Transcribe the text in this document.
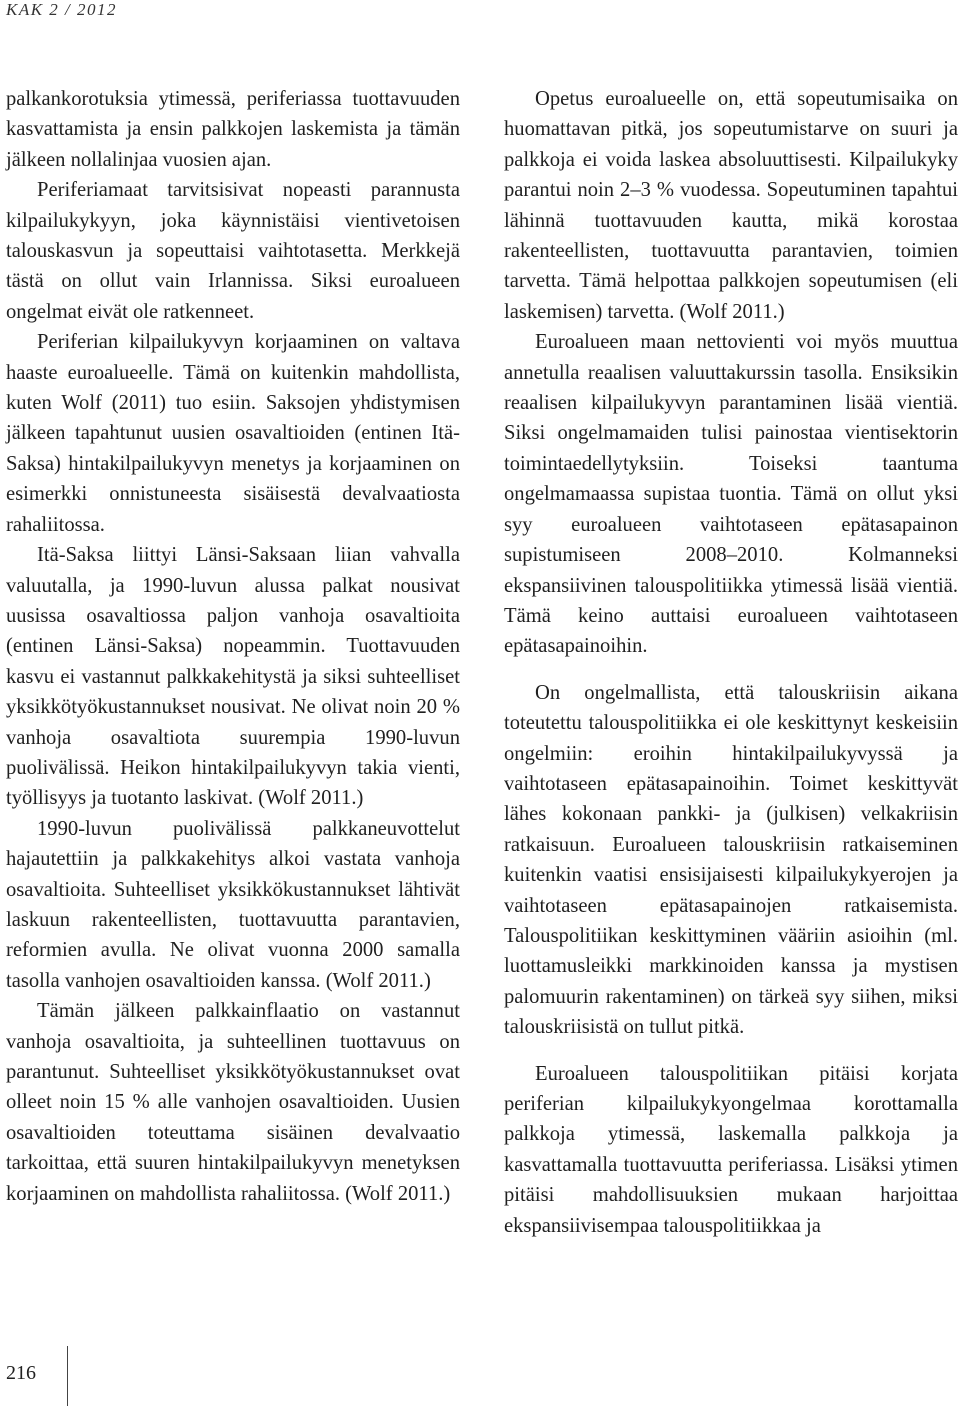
KAK 2 / 2012

palkankorotuksia ytimessä, periferiassa tuottavuuden kasvattamista ja ensin palkkojen laskemista ja tämän jälkeen nollalinjaa vuosien ajan.

Periferiamaat tarvitsisivat nopeasti parannusta kilpailukykyyn, joka käynnistäisi vientivetoisen talouskasvun ja sopeuttaisi vaihtotasetta. Merkkejä tästä on ollut vain Irlannissa. Siksi euroalueen ongelmat eivät ole ratkenneet.

Periferian kilpailukyvyn korjaaminen on valtava haaste euroalueelle. Tämä on kuitenkin mahdollista, kuten Wolf (2011) tuo esiin. Saksojen yhdistymisen jälkeen tapahtunut uusien osavaltioiden (entinen Itä-Saksa) hintakilpailukyvyn menetys ja korjaaminen on esimerkki onnistuneesta sisäisestä devalvaatiosta rahaliitossa.

Itä-Saksa liittyi Länsi-Saksaan liian vahvalla valuutalla, ja 1990-luvun alussa palkat nousivat uusissa osavaltiossa paljon vanhoja osavaltioita (entinen Länsi-Saksa) nopeammin. Tuottavuuden kasvu ei vastannut palkkakehitystä ja siksi suhteelliset yksikkötyökustannukset nousivat. Ne olivat noin 20 % vanhoja osavaltiota suurempia 1990-luvun puolivälissä. Heikon hintakilpailukyvyn takia vienti, työllisyys ja tuotanto laskivat. (Wolf 2011.)

1990-luvun puolivälissä palkkaneuvottelut hajautettiin ja palkkakehitys alkoi vastata vanhoja osavaltioita. Suhteelliset yksikkökustannukset lähtivät laskuun rakenteellisten, tuottavuutta parantavien, reformien avulla. Ne olivat vuonna 2000 samalla tasolla vanhojen osavaltioiden kanssa. (Wolf 2011.)

Tämän jälkeen palkkainflaatio on vastannut vanhoja osavaltioita, ja suhteellinen tuottavuus on parantunut. Suhteelliset yksikkötyökustannukset ovat olleet noin 15 % alle vanhojen osavaltioiden. Uusien osavaltioiden toteuttama sisäinen devalvaatio tarkoittaa, että suuren hintakilpailukyvyn menetyksen korjaaminen on mahdollista rahaliitossa. (Wolf 2011.)

Opetus euroalueelle on, että sopeutumisaika on huomattavan pitkä, jos sopeutumistarve on suuri ja palkkoja ei voida laskea absoluuttisesti. Kilpailukyky parantui noin 2–3 % vuodessa. Sopeutuminen tapahtui lähinnä tuottavuuden kautta, mikä korostaa rakenteellisten, tuottavuutta parantavien, toimien tarvetta. Tämä helpottaa palkkojen sopeutumisen (eli laskemisen) tarvetta. (Wolf 2011.)

Euroalueen maan nettovienti voi myös muuttua annetulla reaalisen valuuttakurssin tasolla. Ensiksikin reaalisen kilpailukyvyn parantaminen lisää vientiä. Siksi ongelmamaiden tulisi painostaa vientisektorin toimintaedellytyksiin. Toiseksi taantuma ongelmamaassa supistaa tuontia. Tämä on ollut yksi syy euroalueen vaihtotaseen epätasapainon supistumiseen 2008–2010. Kolmanneksi ekspansiivinen talouspolitiikka ytimessä lisää vientiä. Tämä keino auttaisi euroalueen vaihtotaseen epätasapainoihin.

On ongelmallista, että talouskriisin aikana toteutettu talouspolitiikka ei ole keskittynyt keskeisiin ongelmiin: eroihin hintakilpailukyvyssä ja vaihtotaseen epätasapainoihin. Toimet keskittyvät lähes kokonaan pankki- ja (julkisen) velkakriisin ratkaisuun. Euroalueen talouskriisin ratkaiseminen kuitenkin vaatisi ensisijaisesti kilpailukykyerojen ja vaihtotaseen epätasapainojen ratkaisemista. Talouspolitiikan keskittyminen vääriin asioihin (ml. luottamusleikki markkinoiden kanssa ja mystisen palomuurin rakentaminen) on tärkeä syy siihen, miksi talouskriisistä on tullut pitkä.

Euroalueen talouspolitiikan pitäisi korjata periferian kilpailukykyongelmaa korottamalla palkkoja ytimessä, laskemalla palkkoja ja kasvattamalla tuottavuutta periferiassa. Lisäksi ytimen pitäisi mahdollisuuksien mukaan harjoittaa ekspansiivisempaa talouspolitiikkaa ja

216
